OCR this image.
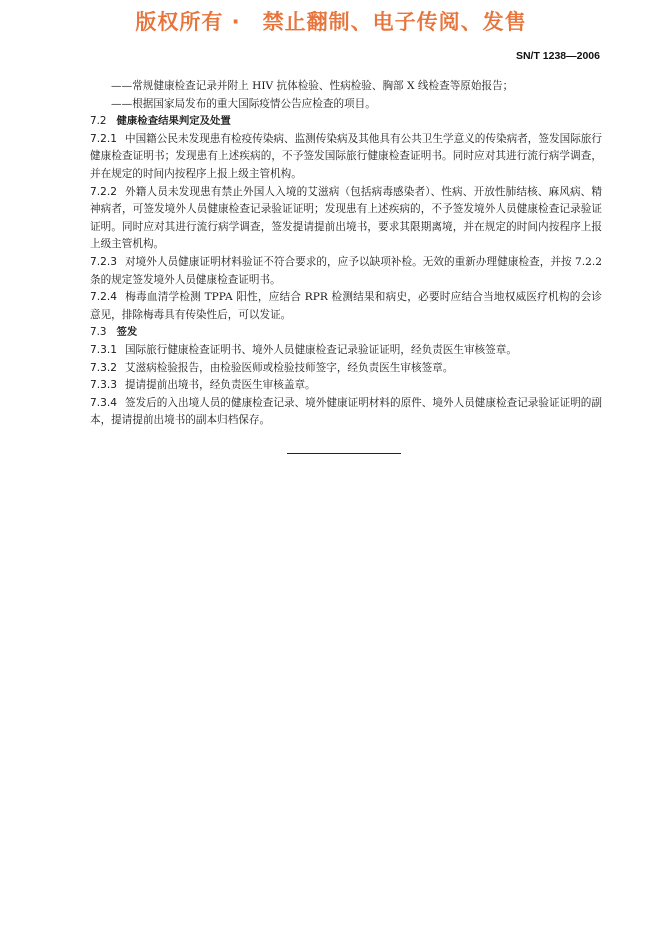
版权所有 ·　禁止翻制、电子传阅、发售
SN/T 1238—2006

——常规健康检查记录并附上 HIV 抗体检验、性病检验、胸部 X 线检查等原始报告；

——根据国家局发布的重大国际疫情公告应检查的项目。

7.2 健康检查结果判定及处置

7.2.1 中国籍公民未发现患有检疫传染病、监测传染病及其他具有公共卫生学意义的传染病者，签发国际旅行健康检查证明书；发现患有上述疾病的，不予签发国际旅行健康检查证明书。同时应对其进行流行病学调查，并在规定的时间内按程序上报上级主管机构。

7.2.2 外籍人员未发现患有禁止外国人入境的艾滋病（包括病毒感染者）、性病、开放性肺结核、麻风病、精神病者，可签发境外人员健康检查记录验证证明；发现患有上述疾病的，不予签发境外人员健康检查记录验证证明。同时应对其进行流行病学调查，签发提请提前出境书，要求其限期离境，并在规定的时间内按程序上报上级主管机构。

7.2.3 对境外人员健康证明材料验证不符合要求的，应予以缺项补检。无效的重新办理健康检查，并按 7.2.2 条的规定签发境外人员健康检查证明书。

7.2.4 梅毒血清学检测 TPPA 阳性，应结合 RPR 检测结果和病史，必要时应结合当地权威医疗机构的会诊意见，排除梅毒具有传染性后，可以发证。

7.3 签发

7.3.1 国际旅行健康检查证明书、境外人员健康检查记录验证证明，经负责医生审核签章。

7.3.2 艾滋病检验报告，由检验医师或检验技师签字，经负责医生审核签章。

7.3.3 提请提前出境书，经负责医生审核盖章。

7.3.4 签发后的入出境人员的健康检查记录、境外健康证明材料的原件、境外人员健康检查记录验证证明的副本，提请提前出境书的副本归档保存。
